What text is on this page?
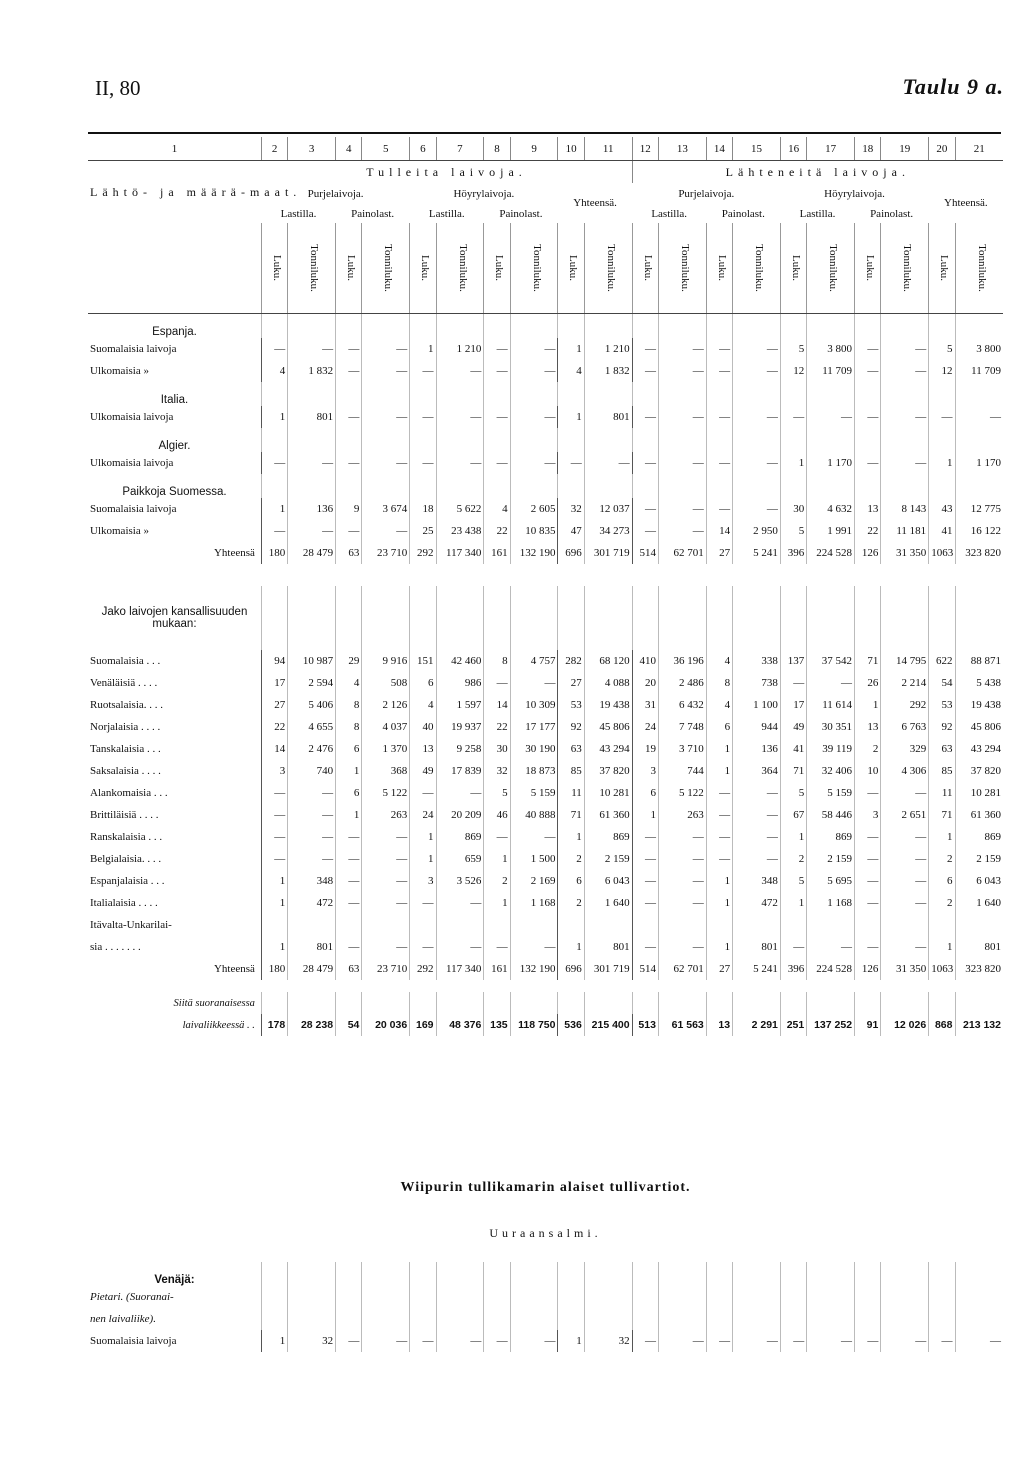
II, 80	Taulu 9 a.
1	2	3	4	5	6	7	8	9	10	11	12	13	14	15	16	17	18	19	20	21
Lähtö- ja määrä-maat.	Tulleita laivoja.										Lähteneitä laivoja.									
	Purjelaivoja.				Höyrylaivoja.				Yhteensä.		Purjelaivoja.				Höyrylaivoja.				Yhteensä.	
	Lastilla.		Painolast.		Lastilla.		Painolast.				Lastilla.		Painolast.		Lastilla.		Painolast.			
	Luku.	Tonniluku.	Luku.	Tonniluku.	Luku.	Tonniluku.	Luku.	Tonniluku.	Luku.	Tonniluku.	Luku.	Tonniluku.	Luku.	Tonniluku.	Luku.	Tonniluku.	Luku.	Tonniluku.	Luku.	Tonniluku.
Espanja.																				
Suomalaisia laivoja	—	—	—	—	1	1 210	—	—	1	1 210	—	—	—	—	5	3 800	—	—	5	3 800
Ulkomaisia »	4	1 832	—	—	—	—	—	—	4	1 832	—	—	—	—	12	11 709	—	—	12	11 709
Italia.																				
Ulkomaisia laivoja	1	801	—	—	—	—	—	—	1	801	—	—	—	—	—	—	—	—	—	—
Algier.																				
Ulkomaisia laivoja	—	—	—	—	—	—	—	—	—	—	—	—	—	—	1	1 170	—	—	1	1 170
Paikkoja Suomessa.																				
Suomalaisia laivoja	1	136	9	3 674	18	5 622	4	2 605	32	12 037	—	—	—	—	30	4 632	13	8 143	43	12 775
Ulkomaisia »	—	—	—	—	25	23 438	22	10 835	47	34 273	—	—	14	2 950	5	1 991	22	11 181	41	16 122
Yhteensä	180	28 479	63	23 710	292	117 340	161	132 190	696	301 719	514	62 701	27	5 241	396	224 528	126	31 350	1063	323 820

Jako laivojen kansallisuuden mukaan:																				
Suomalaisia . . .	94	10 987	29	9 916	151	42 460	8	4 757	282	68 120	410	36 196	4	338	137	37 542	71	14 795	622	88 871
Venäläisiä . . . .	17	2 594	4	508	6	986	—	—	27	4 088	20	2 486	8	738	—	—	26	2 214	54	5 438
Ruotsalaisia. . . .	27	5 406	8	2 126	4	1 597	14	10 309	53	19 438	31	6 432	4	1 100	17	11 614	1	292	53	19 438
Norjalaisia . . . .	22	4 655	8	4 037	40	19 937	22	17 177	92	45 806	24	7 748	6	944	49	30 351	13	6 763	92	45 806
Tanskalaisia . . .	14	2 476	6	1 370	13	9 258	30	30 190	63	43 294	19	3 710	1	136	41	39 119	2	329	63	43 294
Saksalaisia . . . .	3	740	1	368	49	17 839	32	18 873	85	37 820	3	744	1	364	71	32 406	10	4 306	85	37 820
Alankomaisia . . .	—	—	6	5 122	—	—	5	5 159	11	10 281	6	5 122	—	—	5	5 159	—	—	11	10 281
Brittiläisiä . . . .	—	—	1	263	24	20 209	46	40 888	71	61 360	1	263	—	—	67	58 446	3	2 651	71	61 360
Ranskalaisia . . .	—	—	—	—	1	869	—	—	1	869	—	—	—	—	1	869	—	—	1	869
Belgialaisia. . . .	—	—	—	—	1	659	1	1 500	2	2 159	—	—	—	—	2	2 159	—	—	2	2 159
Espanjalaisia . . .	1	348	—	—	3	3 526	2	2 169	6	6 043	—	—	1	348	5	5 695	—	—	6	6 043
Italialaisia . . . .	1	472	—	—	—	—	1	1 168	2	1 640	—	—	1	472	1	1 168	—	—	2	1 640
Itävalta-Unkarilai-																				
sia . . . . . . .	1	801	—	—	—	—	—	—	1	801	—	—	1	801	—	—	—	—	1	801
Yhteensä	180	28 479	63	23 710	292	117 340	161	132 190	696	301 719	514	62 701	27	5 241	396	224 528	126	31 350	1063	323 820

Siitä suoranaisessa																				
laivaliikkeessä . .	178	28 238	54	20 036	169	48 376	135	118 750	536	215 400	513	61 563	13	2 291	251	137 252	91	12 026	868	213 132
Wiipurin tullikamarin alaiset tullivartiot.
Uuraansalmi.
Venäjä:																				
Pietari. (Suoranai-																				
nen laivaliike).																				
Suomalaisia laivoja	1	32	—	—	—	—	—	—	1	32	—	—	—	—	—	—	—	—	—	—
